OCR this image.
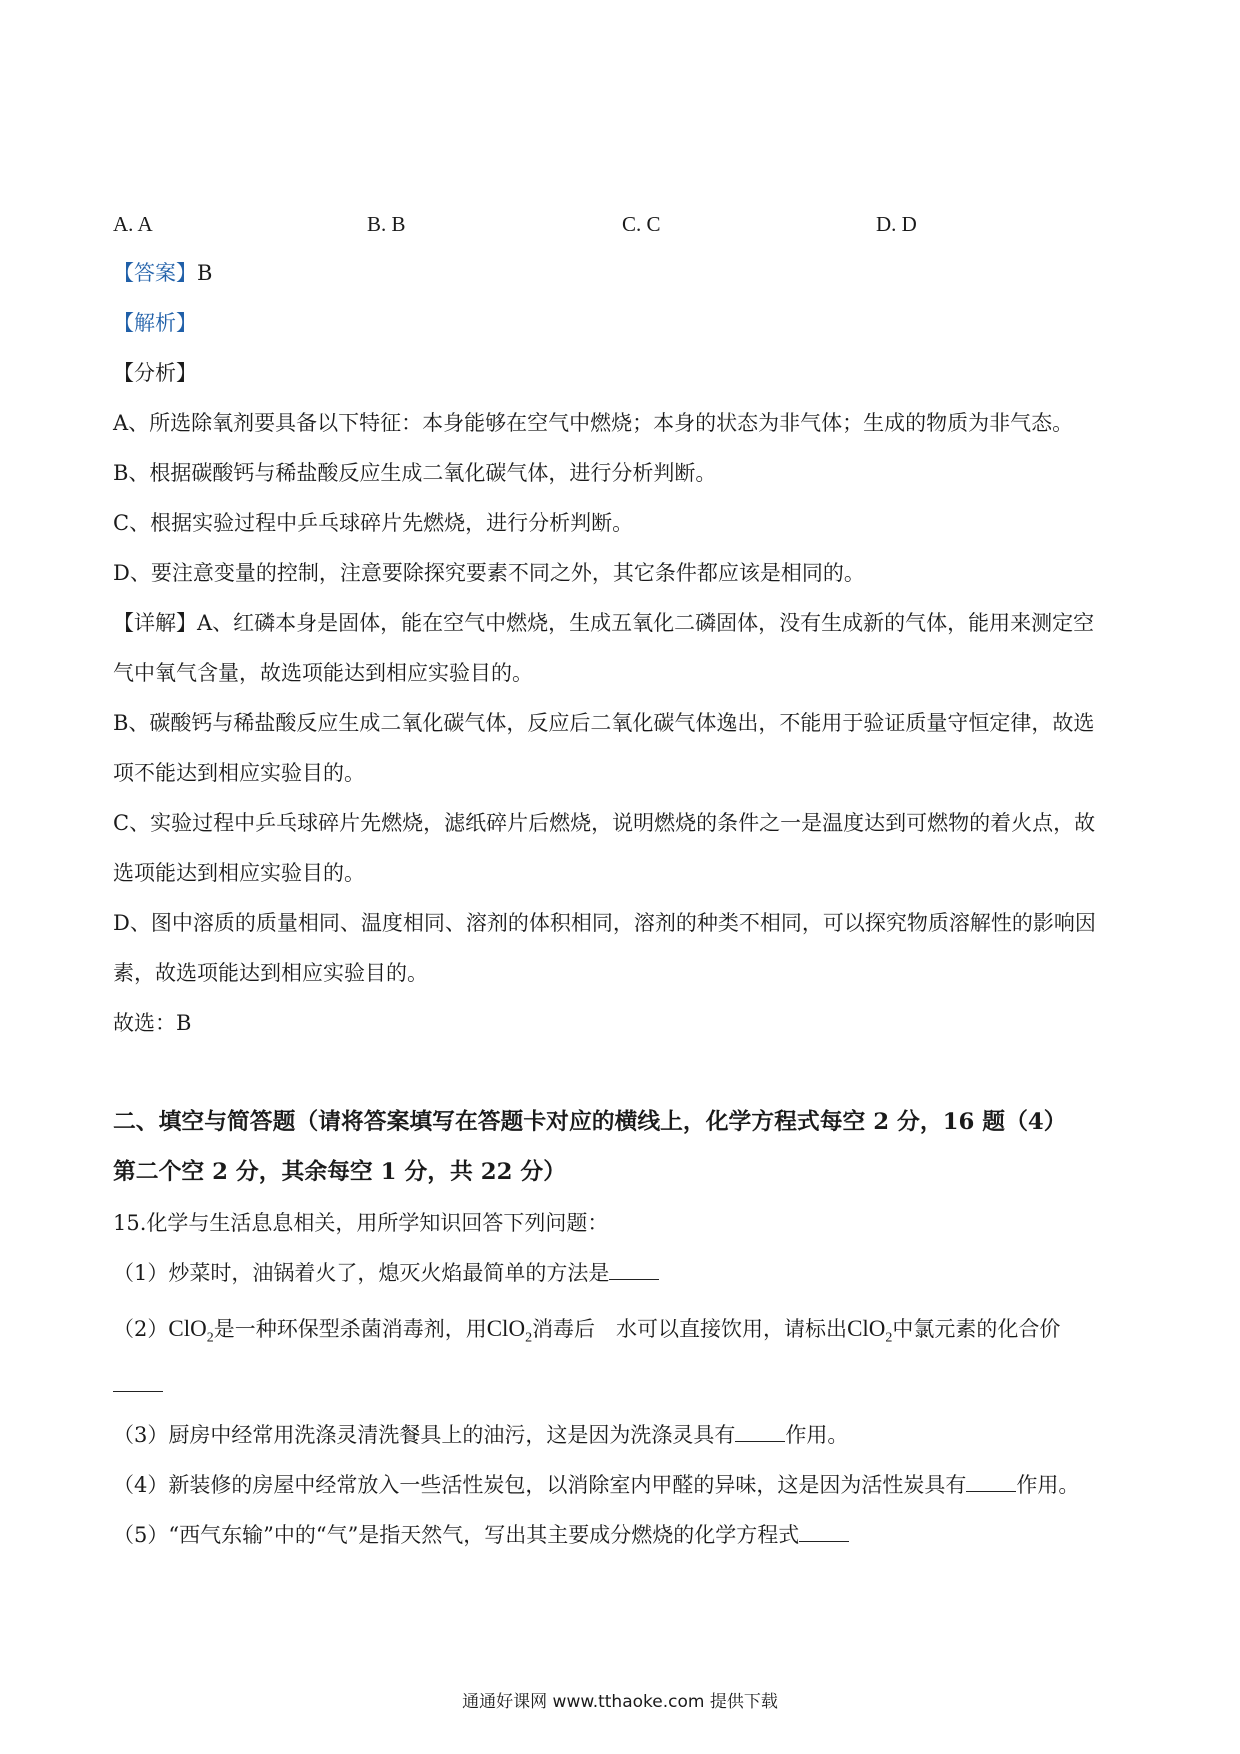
A. A	B. B	C. C	D. D
【答案】B
【解析】
【分析】
A、所选除氧剂要具备以下特征：本身能够在空气中燃烧；本身的状态为非气体；生成的物质为非气态。
B、根据碳酸钙与稀盐酸反应生成二氧化碳气体，进行分析判断。
C、根据实验过程中乒乓球碎片先燃烧，进行分析判断。
D、要注意变量的控制，注意要除探究要素不同之外，其它条件都应该是相同的。
【详解】A、红磷本身是固体，能在空气中燃烧，生成五氧化二磷固体，没有生成新的气体，能用来测定空
气中氧气含量，故选项能达到相应实验目的。
B、碳酸钙与稀盐酸反应生成二氧化碳气体，反应后二氧化碳气体逸出，不能用于验证质量守恒定律，故选
项不能达到相应实验目的。
C、实验过程中乒乓球碎片先燃烧，滤纸碎片后燃烧，说明燃烧的条件之一是温度达到可燃物的着火点，故
选项能达到相应实验目的。
D、图中溶质的质量相同、温度相同、溶剂的体积相同，溶剂的种类不相同，可以探究物质溶解性的影响因
素，故选项能达到相应实验目的。
故选：B
二、填空与简答题（请将答案填写在答题卡对应的横线上，化学方程式每空 2 分，16 题（4）
第二个空 2 分，其余每空 1 分，共 22 分）
15.化学与生活息息相关，用所学知识回答下列问题：
（1）炒菜时，油锅着火了，熄灭火焰最简单的方法是
（2）ClO$_2$是一种环保型杀菌消毒剂，用ClO$_2$消毒后　水可以直接饮用，请标出ClO$_2$中氯元素的化合价
（3）厨房中经常用洗涤灵清洗餐具上的油污，这是因为洗涤灵具有 作用。
（4）新装修的房屋中经常放入一些活性炭包，以消除室内甲醛的异味，这是因为活性炭具有 作用。
（5）“西气东输”中的“气”是指天然气，写出其主要成分燃烧的化学方程式
通通好课网 www.tthaoke.com 提供下载
